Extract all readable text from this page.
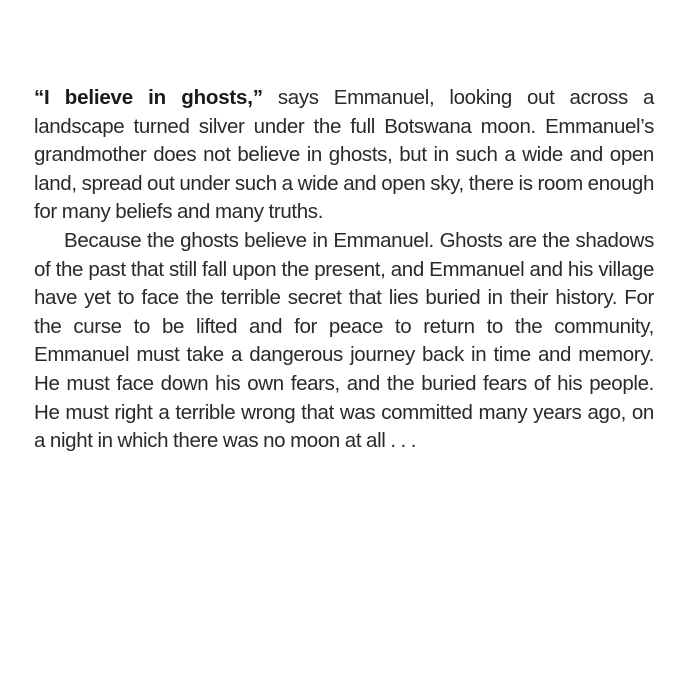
“I believe in ghosts,” says Emmanuel, looking out across a landscape turned silver under the full Botswana moon. Emmanuel’s grandmother does not believe in ghosts, but in such a wide and open land, spread out under such a wide and open sky, there is room enough for many beliefs and many truths.

Because the ghosts believe in Emmanuel. Ghosts are the shadows of the past that still fall upon the present, and Emmanuel and his village have yet to face the terrible secret that lies buried in their history. For the curse to be lifted and for peace to return to the community, Emmanuel must take a dangerous journey back in time and memory. He must face down his own fears, and the buried fears of his people. He must right a terrible wrong that was committed many years ago, on a night in which there was no moon at all . . .
